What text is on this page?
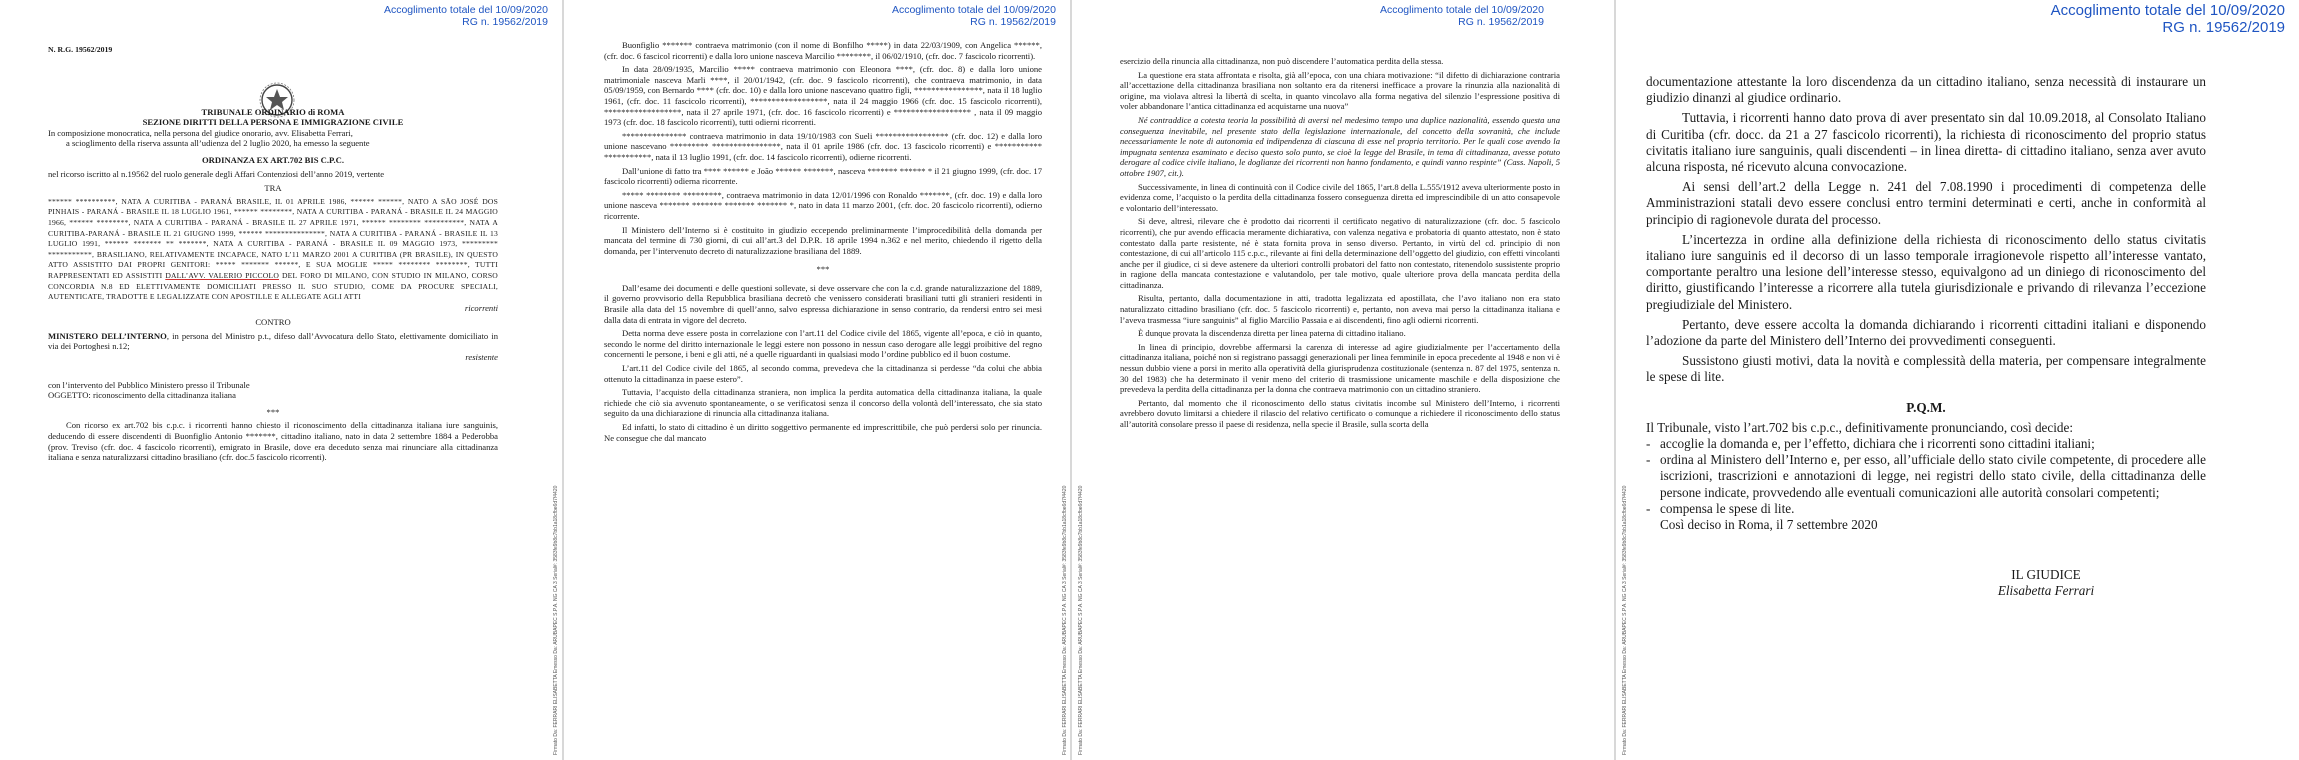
Accoglimento totale del 10/09/2020
RG n. 19562/2019
Firmato Da: FERRARI ELISABETTA Emesso Da: ARUBAPEC S.P.A. NG CA 3 Serial#: 3583fe9b8c7bb1a18cfbe6d7f4420

N. R.G. 19562/2019

TRIBUNALE ORDINARIO di ROMA

SEZIONE DIRITTI DELLA PERSONA E IMMIGRAZIONE CIVILE

In composizione monocratica, nella persona del giudice onorario, avv. Elisabetta Ferrari,

a scioglimento della riserva assunta all’udienza del 2 luglio 2020, ha emesso la seguente

ORDINANZA EX ART.702 BIS C.P.C.

nel ricorso iscritto al n.19562 del ruolo generale degli Affari Contenziosi dell’anno 2019, vertente

TRA

****** **********, NATA A CURITIBA - PARANÁ BRASILE, IL 01 APRILE 1986, ****** ******, NATO A SÃO JOSÉ DOS PINHAIS - PARANÁ - BRASILE IL 18 LUGLIO 1961, ****** ********, NATA A CURITIBA - PARANÁ - BRASILE IL 24 MAGGIO 1966, ****** ********, NATA A CURITIBA - PARANÁ - BRASILE IL 27 APRILE 1971, ****** ******** **********, NATA A CURITIBA-PARANÁ - BRASILE IL 21 GIUGNO 1999, ****** ***************, NATA A CURITIBA - PARANÁ - BRASILE IL 13 LUGLIO 1991, ****** ******* ** *******, NATA A CURITIBA - PARANÁ - BRASILE IL 09 MAGGIO 1973, ********* ***********, BRASILIANO, RELATIVAMENTE INCAPACE, NATO L’11 MARZO 2001 A CURITIBA (PR BRASILE), IN QUESTO ATTO ASSISTITO DAI PROPRI GENITORI: ***** ******* ******, E SUA MOGLIE ***** ******** ********, TUTTI RAPPRESENTATI ED ASSISTITI DALL’AVV. VALERIO PICCOLO DEL FORO DI MILANO, CON STUDIO IN MILANO, CORSO CONCORDIA N.8 ED ELETTIVAMENTE DOMICILIATI PRESSO IL SUO STUDIO, COME DA PROCURE SPECIALI, AUTENTICATE, TRADOTTE E LEGALIZZATE CON APOSTILLE E ALLEGATE AGLI ATTI

ricorrenti

CONTRO

MINISTERO DELL’INTERNO, in persona del Ministro p.t., difeso dall’Avvocatura dello Stato, elettivamente domiciliato in via dei Portoghesi n.12;

resistente

con l’intervento del Pubblico Ministero presso il Tribunale

OGGETTO: riconoscimento della cittadinanza italiana

***

Con ricorso ex art.702 bis c.p.c. i ricorrenti hanno chiesto il riconoscimento della cittadinanza italiana iure sanguinis, deducendo di essere discendenti di Buonfiglio Antonio *******, cittadino italiano, nato in data 2 settembre 1884 a Pederobba (prov. Treviso (cfr. doc. 4 fascicolo ricorrenti), emigrato in Brasile, dove era deceduto senza mai rinunciare alla cittadinanza italiana e senza naturalizzarsi cittadino brasiliano (cfr. doc.5 fascicolo ricorrenti).

Accoglimento totale del 10/09/2020
RG n. 19562/2019
Firmato Da: FERRARI ELISABETTA Emesso Da: ARUBAPEC S.P.A. NG CA 3 Serial#: 3583fe9b8c7bb1a18cfbe6d7f4420

Buonfiglio ******* contraeva matrimonio (con il nome di Bonfilho *****) in data 22/03/1909, con Angelica ******, (cfr. doc. 6 fascicol ricorrenti) e dalla loro unione nasceva Marcilio ********, il 06/02/1910, (cfr. doc. 7 fascicolo ricorrenti).

In data 28/09/1935, Marcilio ***** contraeva matrimonio con Eleonora ****, (cfr. doc. 8) e dalla loro unione matrimoniale nasceva Marli ****, il 20/01/1942, (cfr. doc. 9 fascicolo ricorrenti), che contraeva matrimonio, in data 05/09/1959, con Bernardo **** (cfr. doc. 10) e dalla loro unione nascevano quattro figli, ****************, nata il 18 luglio 1961, (cfr. doc. 11 fascicolo ricorrenti), ******************, nata il 24 maggio 1966 (cfr. doc. 15 fascicolo ricorrenti), ******************, nata il 27 aprile 1971, (cfr. doc. 16 fascicolo ricorrenti) e ****************** , nata il 09 maggio 1973 (cfr. doc. 18 fascicolo ricorrenti), tutti odierni ricorrenti.

*************** contraeva matrimonio in data 19/10/1983 con Sueli ***************** (cfr. doc. 12) e dalla loro unione nascevano ********* ****************, nata il 01 aprile 1986 (cfr. doc. 13 fascicolo ricorrenti) e *********** ***********, nata il 13 luglio 1991, (cfr. doc. 14 fascicolo ricorrenti), odierne ricorrenti.

Dall’unione di fatto tra **** ****** e João ****** *******, nasceva ******* ****** * il 21 giugno 1999, (cfr. doc. 17 fascicolo ricorrenti) odierna ricorrente.

***** ******** *********, contraeva matrimonio in data 12/01/1996 con Ronaldo *******, (cfr. doc. 19) e dalla loro unione nasceva ******* ******* ******* ******* *, nato in data 11 marzo 2001, (cfr. doc. 20 fascicolo ricorrenti), odierno ricorrente.

Il Ministero dell’Interno si è costituito in giudizio eccependo preliminarmente l’improcedibilità della domanda per mancata del termine di 730 giorni, di cui all’art.3 del D.P.R. 18 aprile 1994 n.362 e nel merito, chiedendo il rigetto della domanda, per l’intervenuto decreto di naturalizzazione brasiliana del 1889.

***

Dall’esame dei documenti e delle questioni sollevate, si deve osservare che con la c.d. grande naturalizzazione del 1889, il governo provvisorio della Repubblica brasiliana decretò che venissero considerati brasiliani tutti gli stranieri residenti in Brasile alla data del 15 novembre di quell’anno, salvo espressa dichiarazione in senso contrario, da rendersi entro sei mesi dalla data di entrata in vigore del decreto.

Detta norma deve essere posta in correlazione con l’art.11 del Codice civile del 1865, vigente all’epoca, e ciò in quanto, secondo le norme del diritto internazionale le leggi estere non possono in nessun caso derogare alle leggi proibitive del regno concernenti le persone, i beni e gli atti, né a quelle riguardanti in qualsiasi modo l’ordine pubblico ed il buon costume.

L’art.11 del Codice civile del 1865, al secondo comma, prevedeva che la cittadinanza si perdesse “da colui che abbia ottenuto la cittadinanza in paese estero”.

Tuttavia, l’acquisto della cittadinanza straniera, non implica la perdita automatica della cittadinanza italiana, la quale richiede che ciò sia avvenuto spontaneamente, o se verificatosi senza il concorso della volontà dell’interessato, che sia stato seguito da una dichiarazione di rinuncia alla cittadinanza italiana.

Ed infatti, lo stato di cittadino è un diritto soggettivo permanente ed imprescrittibile, che può perdersi solo per rinuncia. Ne consegue che dal mancato

Accoglimento totale del 10/09/2020
RG n. 19562/2019
Firmato Da: FERRARI ELISABETTA Emesso Da: ARUBAPEC S.P.A. NG CA 3 Serial#: 3583fe9b8c7bb1a18cfbe6d7f4420

esercizio della rinuncia alla cittadinanza, non può discendere l’automatica perdita della stessa.

La questione era stata affrontata e risolta, già all’epoca, con una chiara motivazione: “il difetto di dichiarazione contraria all’accettazione della cittadinanza brasiliana non soltanto era da ritenersi inefficace a provare la rinunzia alla nazionalità di origine, ma violava altresì la libertà di scelta, in quanto vincolavo alla forma negativa del silenzio l’espressione positiva di voler abbandonare l’antica cittadinanza ed acquistarne una nuova”

Né contraddice a cotesta teoria la possibilità di aversi nel medesimo tempo una duplice nazionalità, essendo questa una conseguenza inevitabile, nel presente stato della legislazione internazionale, del concetto della sovranità, che include necessariamente le note di autonomia ed indipendenza di ciascuna di esse nel proprio territorio. Per le quali cose avendo la impugnata sentenza esaminato e deciso questo solo punto, se cioè la legge del Brasile, in tema di cittadinanza, avesse potuto derogare al codice civile italiano, le doglianze dei ricorrenti non hanno fondamento, e quindi vanno respinte” (Cass. Napoli, 5 ottobre 1907, cit.).

Successivamente, in linea di continuità con il Codice civile del 1865, l’art.8 della L.555/1912 aveva ulteriormente posto in evidenza come, l’acquisto o la perdita della cittadinanza fossero conseguenza diretta ed imprescindibile di un atto consapevole e volontario dell’interessato.

Si deve, altresì, rilevare che è prodotto dai ricorrenti il certificato negativo di naturalizzazione (cfr. doc. 5 fascicolo ricorrenti), che pur avendo efficacia meramente dichiarativa, con valenza negativa e probatoria di quanto attestato, non è stato contestato dalla parte resistente, né è stata fornita prova in senso diverso. Pertanto, in virtù del cd. principio di non contestazione, di cui all’articolo 115 c.p.c., rilevante ai fini della determinazione dell’oggetto del giudizio, con effetti vincolanti anche per il giudice, ci si deve astenere da ulteriori controlli probatori del fatto non contestato, ritenendolo sussistente proprio in ragione della mancata contestazione e valutandolo, per tale motivo, quale ulteriore prova della mancata perdita della cittadinanza.

Risulta, pertanto, dalla documentazione in atti, tradotta legalizzata ed apostillata, che l’avo italiano non era stato naturalizzato cittadino brasiliano (cfr. doc. 5 fascicolo ricorrenti) e, pertanto, non aveva mai perso la cittadinanza italiana e l’aveva trasmessa “iure sanguinis” al figlio Marcilio Passaia e ai discendenti, fino agli odierni ricorrenti.

È dunque provata la discendenza diretta per linea paterna di cittadino italiano.

In linea di principio, dovrebbe affermarsi la carenza di interesse ad agire giudizialmente per l’accertamento della cittadinanza italiana, poiché non si registrano passaggi generazionali per linea femminile in epoca precedente al 1948 e non vi è nessun dubbio viene a porsi in merito alla operatività della giurisprudenza costituzionale (sentenza n. 87 del 1975, sentenza n. 30 del 1983) che ha determinato il venir meno del criterio di trasmissione unicamente maschile e della disposizione che prevedeva la perdita della cittadinanza per la donna che contraeva matrimonio con un cittadino straniero.

Pertanto, dal momento che il riconoscimento dello status civitatis incombe sul Ministero dell’Interno, i ricorrenti avrebbero dovuto limitarsi a chiedere il rilascio del relativo certificato o comunque a richiedere il riconoscimento dello status all’autorità consolare presso il paese di residenza, nella specie il Brasile, sulla scorta della

Accoglimento totale del 10/09/2020
RG n. 19562/2019
Firmato Da: FERRARI ELISABETTA Emesso Da: ARUBAPEC S.P.A. NG CA 3 Serial#: 3583fe9b8c7bb1a18cfbe6d7f4420

documentazione attestante la loro discendenza da un cittadino italiano, senza necessità di instaurare un giudizio dinanzi al giudice ordinario.

Tuttavia, i ricorrenti hanno dato prova di aver presentato sin dal 10.09.2018, al Consolato Italiano di Curitiba (cfr. docc. da 21 a 27 fascicolo ricorrenti), la richiesta di riconoscimento del proprio status civitatis italiano iure sanguinis, quali discendenti – in linea diretta- di cittadino italiano, senza aver avuto alcuna risposta, né ricevuto alcuna convocazione.

Ai sensi dell’art.2 della Legge n. 241 del 7.08.1990 i procedimenti di competenza delle Amministrazioni statali devo essere conclusi entro termini determinati e certi, anche in conformità al principio di ragionevole durata del processo.

L’incertezza in ordine alla definizione della richiesta di riconoscimento dello status civitatis italiano iure sanguinis ed il decorso di un lasso temporale irragionevole rispetto all’interesse vantato, comportante peraltro una lesione dell’interesse stesso, equivalgono ad un diniego di riconoscimento del diritto, giustificando l’interesse a ricorrere alla tutela giurisdizionale e privando di rilevanza l’eccezione pregiudiziale del Ministero.

Pertanto, deve essere accolta la domanda dichiarando i ricorrenti cittadini italiani e disponendo l’adozione da parte del Ministero dell’Interno dei provvedimenti conseguenti.

Sussistono giusti motivi, data la novità e complessità della materia, per compensare integralmente le spese di lite.

P.Q.M.

Il Tribunale, visto l’art.702 bis c.p.c., definitivamente pronunciando, così decide:

- accoglie la domanda e, per l’effetto, dichiara che i ricorrenti sono cittadini italiani;
- ordina al Ministero dell’Interno e, per esso, all’ufficiale dello stato civile competente, di procedere alle iscrizioni, trascrizioni e annotazioni di legge, nei registri dello stato civile, della cittadinanza delle persone indicate, provvedendo alle eventuali comunicazioni alle autorità consolari competenti;
- compensa le spese di lite.

Così deciso in Roma, il 7 settembre 2020

IL GIUDICE

Elisabetta Ferrari
